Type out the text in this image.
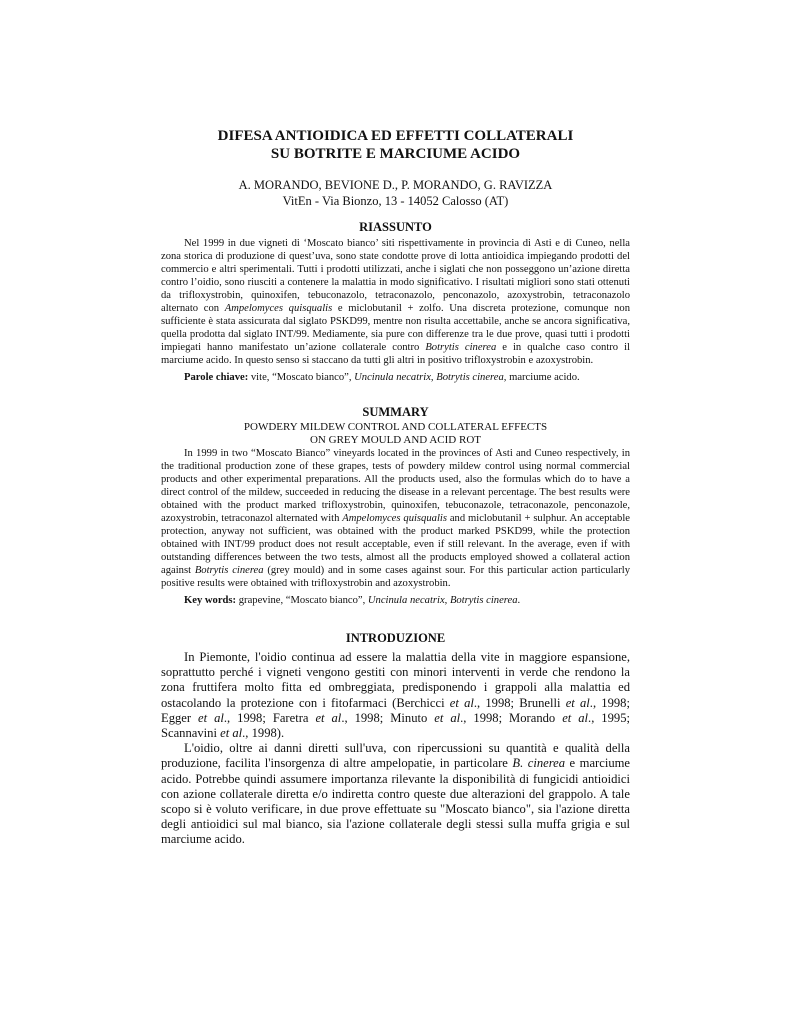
DIFESA ANTIOIDICA ED EFFETTI COLLATERALI
SU BOTRITE E MARCIUME ACIDO
A. MORANDO, BEVIONE D., P. MORANDO, G. RAVIZZA
VitEn - Via Bionzo, 13 - 14052 Calosso (AT)
RIASSUNTO

Nel 1999 in due vigneti di ‘Moscato bianco’ siti rispettivamente in provincia di Asti e di Cuneo, nella zona storica di produzione di quest’uva, sono state condotte prove di lotta antioidica impiegando prodotti del commercio e altri sperimentali. Tutti i prodotti utilizzati, anche i siglati che non posseggono un’azione diretta contro l’oidio, sono riusciti a contenere la malattia in modo significativo. I risultati migliori sono stati ottenuti da trifloxystrobin, quinoxifen, tebuconazolo, tetraconazolo, penconazolo, azoxystrobin, tetraconazolo alternato con Ampelomyces quisqualis e miclobutanil + zolfo. Una discreta protezione, comunque non sufficiente è stata assicurata dal siglato PSKD99, mentre non risulta accettabile, anche se ancora significativa, quella prodotta dal siglato INT/99. Mediamente, sia pure con differenze tra le due prove, quasi tutti i prodotti impiegati hanno manifestato un’azione collaterale contro Botrytis cinerea e in qualche caso contro il marciume acido. In questo senso si staccano da tutti gli altri in positivo trifloxystrobin e azoxystrobin.

Parole chiave: vite, “Moscato bianco”, Uncinula necatrix, Botrytis cinerea, marciume acido.
SUMMARY
POWDERY MILDEW CONTROL AND COLLATERAL EFFECTS
ON GREY MOULD AND ACID ROT

In 1999 in two “Moscato Bianco” vineyards located in the provinces of Asti and Cuneo respectively, in the traditional production zone of these grapes, tests of powdery mildew control using normal commercial products and other experimental preparations. All the products used, also the formulas which do to have a direct control of the mildew, succeeded in reducing the disease in a relevant percentage. The best results were obtained with the product marked trifloxystrobin, quinoxifen, tebuconazole, tetraconazole, penconazole, azoxystrobin, tetraconazol alternated with Ampelomyces quisqualis and miclobutanil + sulphur. An acceptable protection, anyway not sufficient, was obtained with the product marked PSKD99, while the protection obtained with INT/99 product does not result acceptable, even if still relevant. In the average, even if with outstanding differences between the two tests, almost all the products employed showed a collateral action against Botrytis cinerea (grey mould) and in some cases against sour. For this particular action particularly positive results were obtained with trifloxystrobin and azoxystrobin.

Key words: grapevine, “Moscato bianco”, Uncinula necatrix, Botrytis cinerea.
INTRODUZIONE

In Piemonte, l'oidio continua ad essere la malattia della vite in maggiore espansione, soprattutto perché i vigneti vengono gestiti con minori interventi in verde che rendono la zona fruttifera molto fitta ed ombreggiata, predisponendo i grappoli alla malattia ed ostacolando la protezione con i fitofarmaci (Berchicci et al., 1998; Brunelli et al., 1998; Egger et al., 1998; Faretra et al., 1998; Minuto et al., 1998; Morando et al., 1995; Scannavini et al., 1998).

L'oidio, oltre ai danni diretti sull'uva, con ripercussioni su quantità e qualità della produzione, facilita l'insorgenza di altre ampelopatie, in particolare B. cinerea e marciume acido. Potrebbe quindi assumere importanza rilevante la disponibilità di fungicidi antioidici con azione collaterale diretta e/o indiretta contro queste due alterazioni del grappolo. A tale scopo si è voluto verificare, in due prove effettuate su "Moscato bianco", sia l'azione diretta degli antioidici sul mal bianco, sia l'azione collaterale degli stessi sulla muffa grigia e sul marciume acido.
